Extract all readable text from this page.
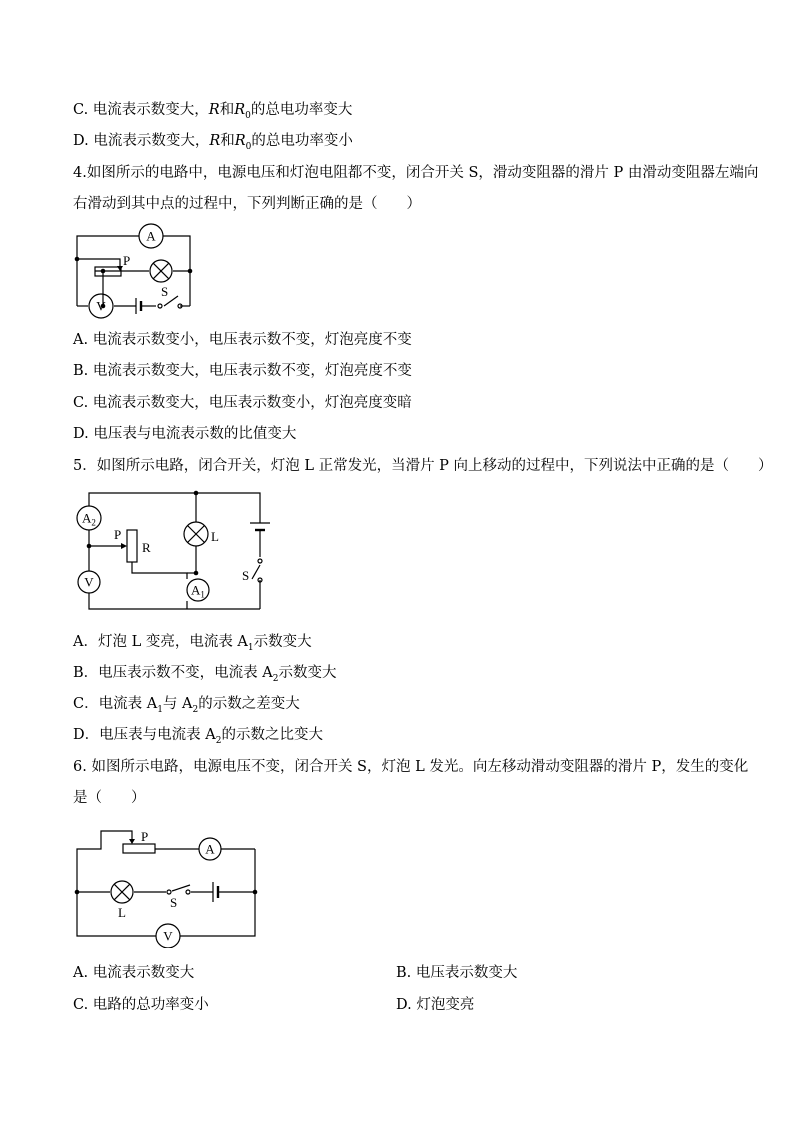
C. 电流表示数变大，R和$R_0$的总电功率变大
D. 电流表示数变大，R和$R_0$的总电功率变小
4.如图所示的电路中，电源电压和灯泡电阻都不变，闭合开关 S，滑动变阻器的滑片 P 由滑动变阻器左端向
右滑动到其中点的过程中，下列判断正确的是（　　）
A
V
P
S
A. 电流表示数变小，电压表示数不变，灯泡亮度不变
B. 电流表示数变大，电压表示数不变，灯泡亮度不变
C. 电流表示数变大，电压表示数变小，灯泡亮度变暗
D. 电压表与电流表示数的比值变大
5．如图所示电路，闭合开关，灯泡 L 正常发光，当滑片 P 向上移动的过程中，下列说法中正确的是（　　）
$A_2$
V
$A_1$
P
R
L
S
A．灯泡 L 变亮，电流表 $A_1$示数变大
B．电压表示数不变，电流表 $A_2$示数变大
C．电流表 $A_1$与 $A_2$的示数之差变大
D．电压表与电流表 $A_2$的示数之比变大
6. 如图所示电路，电源电压不变，闭合开关 S，灯泡 L 发光。向左移动滑动变阻器的滑片 P，发生的变化
是（　　）
P
A
V
L
S
A. 电流表示数变大	B. 电压表示数变大
C. 电路的总功率变小	D. 灯泡变亮
